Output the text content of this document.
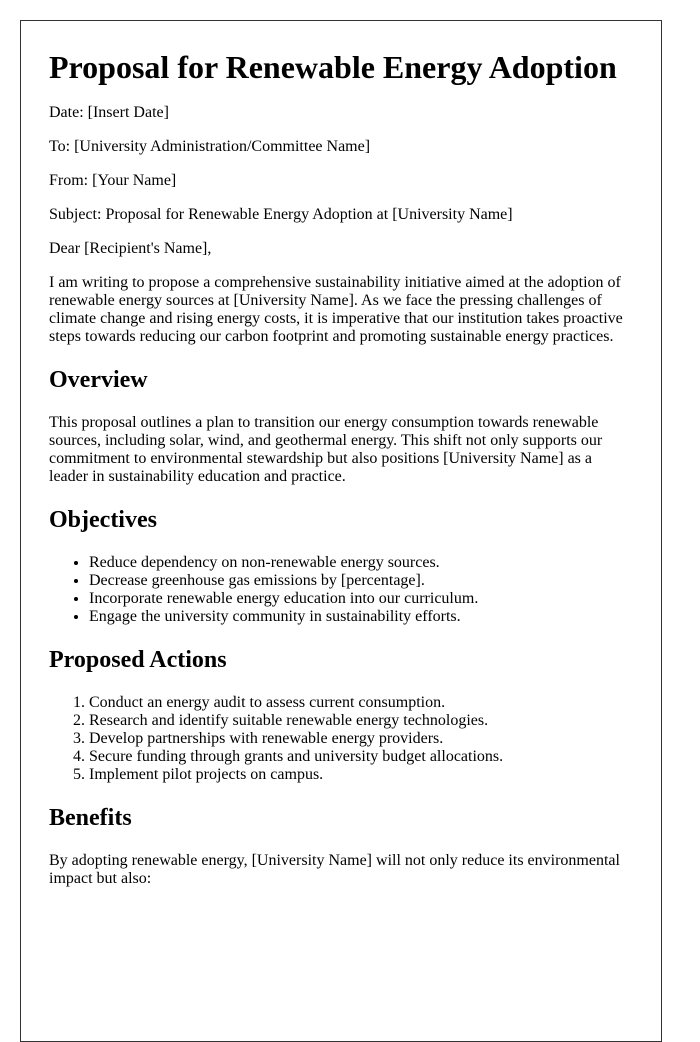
Proposal for Renewable Energy Adoption

Date: [Insert Date]

To: [University Administration/Committee Name]

From: [Your Name]

Subject: Proposal for Renewable Energy Adoption at [University Name]

Dear [Recipient's Name],

I am writing to propose a comprehensive sustainability initiative aimed at the adoption of renewable energy sources at [University Name]. As we face the pressing challenges of climate change and rising energy costs, it is imperative that our institution takes proactive steps towards reducing our carbon footprint and promoting sustainable energy practices.

Overview

This proposal outlines a plan to transition our energy consumption towards renewable sources, including solar, wind, and geothermal energy. This shift not only supports our commitment to environmental stewardship but also positions [University Name] as a leader in sustainability education and practice.

Objectives
• Reduce dependency on non-renewable energy sources.
• Decrease greenhouse gas emissions by [percentage].
• Incorporate renewable energy education into our curriculum.
• Engage the university community in sustainability efforts.
Proposed Actions
1. Conduct an energy audit to assess current consumption.
2. Research and identify suitable renewable energy technologies.
3. Develop partnerships with renewable energy providers.
4. Secure funding through grants and university budget allocations.
5. Implement pilot projects on campus.
Benefits

By adopting renewable energy, [University Name] will not only reduce its environmental impact but also:
